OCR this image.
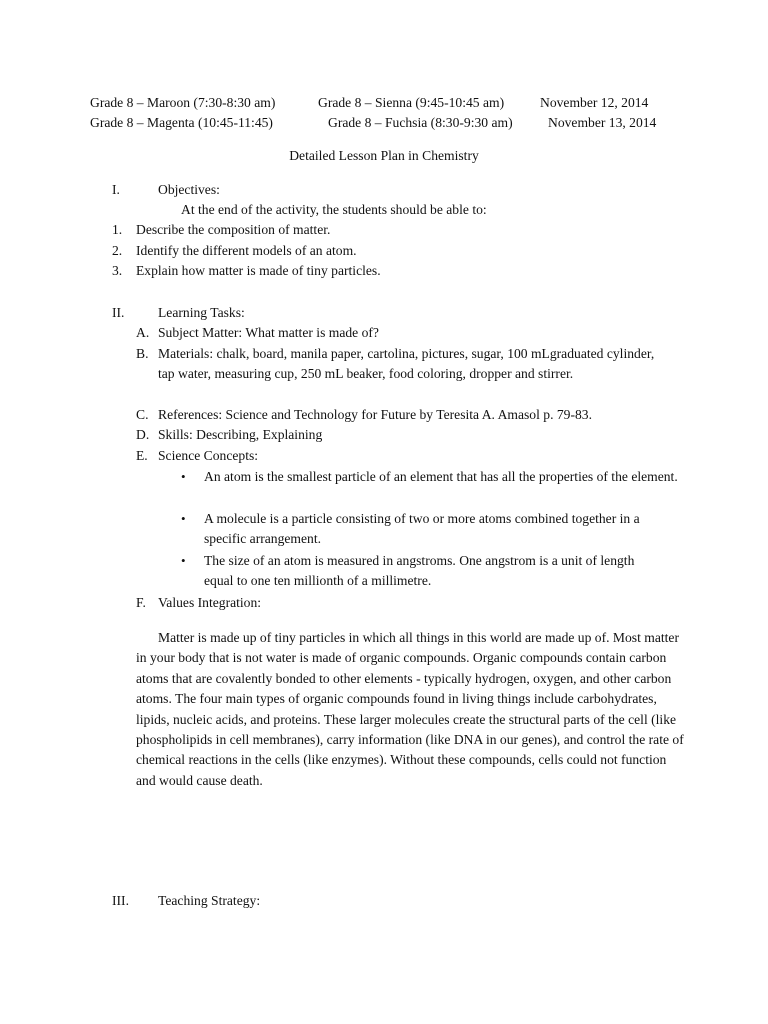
Grade 8 – Maroon (7:30-8:30 am)	Grade 8 – Sienna (9:45-10:45 am)	November 12, 2014
Grade 8 – Magenta (10:45-11:45)	Grade 8 – Fuchsia (8:30-9:30 am)	November 13, 2014
Detailed Lesson Plan in Chemistry
I.	Objectives:
At the end of the activity, the students should be able to:
1. Describe the composition of matter.
2. Identify the different models of an atom.
3. Explain how matter is made of tiny particles.
II. Learning Tasks:
A. Subject Matter: What matter is made of?
B. Materials: chalk, board, manila paper, cartolina, pictures, sugar, 100 mLgraduated cylinder, tap water, measuring cup, 250 mL beaker, food coloring, dropper and stirrer.
C. References: Science and Technology for Future by Teresita A. Amasol p. 79-83.
D. Skills: Describing, Explaining
E. Science Concepts:
• An atom is the smallest particle of an element that has all the properties of the element.
• A molecule is a particle consisting of two or more atoms combined together in a specific arrangement.
• The size of an atom is measured in angstroms. One angstrom is a unit of length equal to one ten millionth of a millimetre.
F. Values Integration:
Matter is made up of tiny particles in which all things in this world are made up of. Most matter in your body that is not water is made of organic compounds. Organic compounds contain carbon atoms that are covalently bonded to other elements - typically hydrogen, oxygen, and other carbon atoms. The four main types of organic compounds found in living things include carbohydrates, lipids, nucleic acids, and proteins. These larger molecules create the structural parts of the cell (like phospholipids in cell membranes), carry information (like DNA in our genes), and control the rate of chemical reactions in the cells (like enzymes). Without these compounds, cells could not function and would cause death.
III. Teaching Strategy:
